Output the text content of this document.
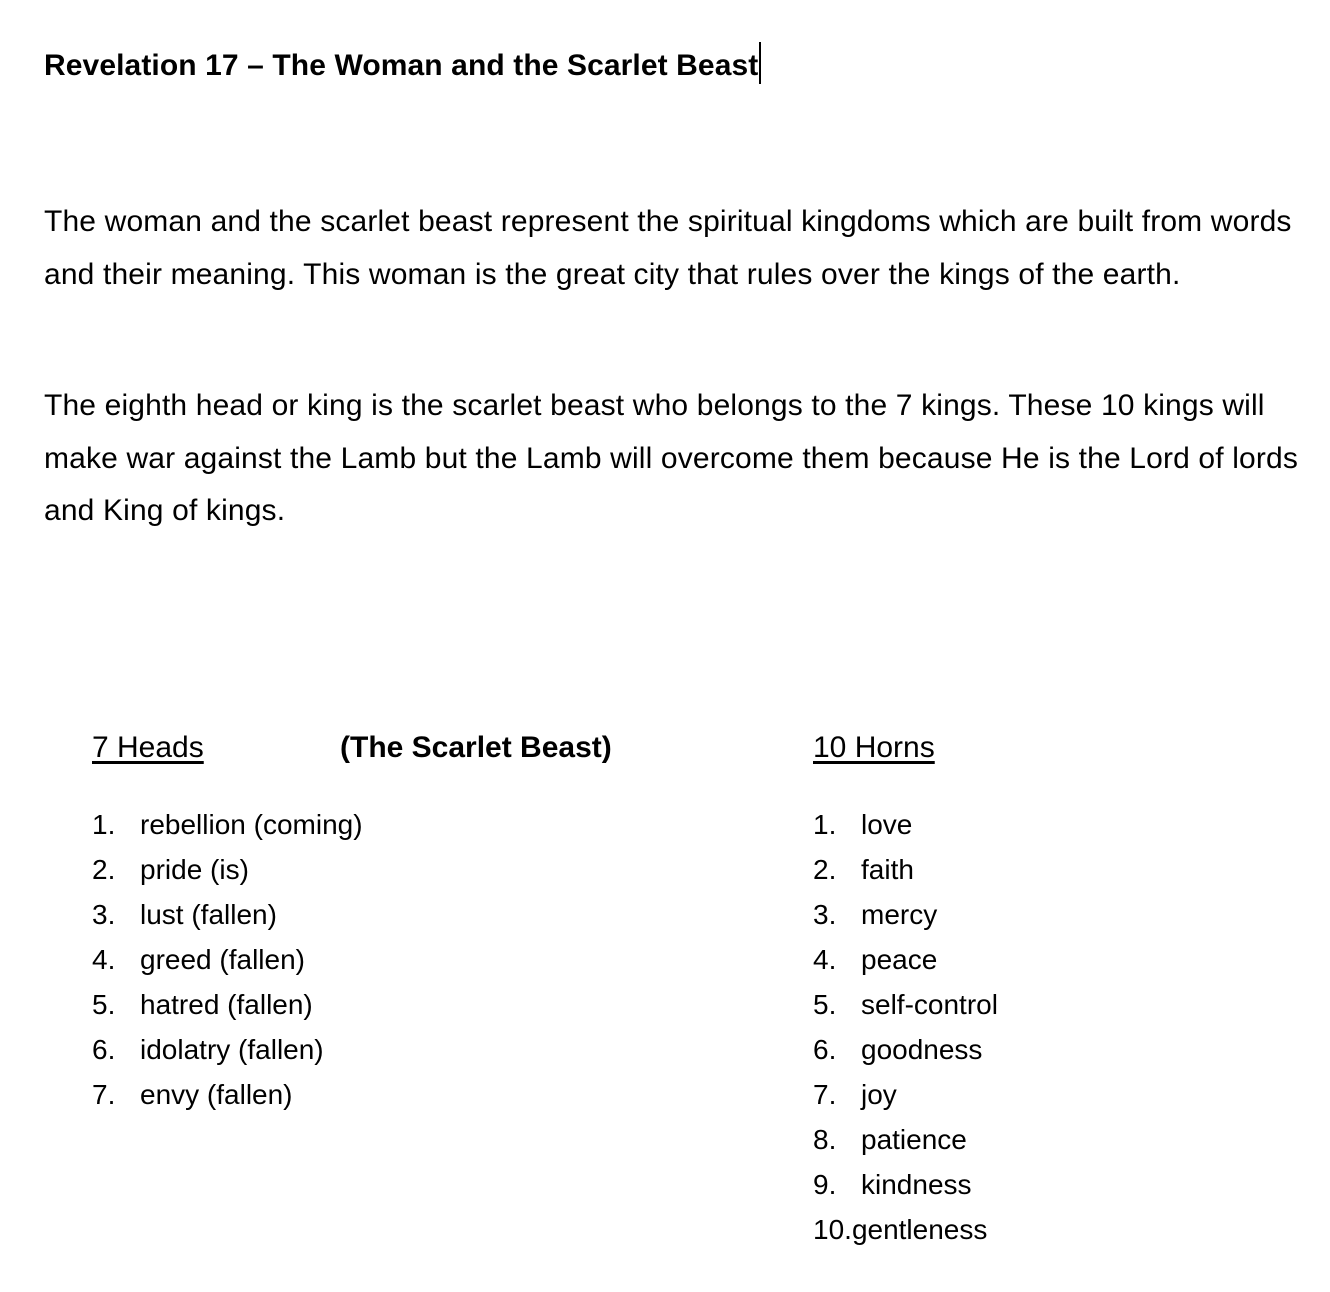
Revelation 17 – The Woman and the Scarlet Beast

The woman and the scarlet beast represent the spiritual kingdoms which are built from words and their meaning. This woman is the great city that rules over the kings of the earth.

The eighth head or king is the scarlet beast who belongs to the 7 kings. These 10 kings will make war against the Lamb but the Lamb will overcome them because He is the Lord of lords and King of kings.

7 Heads	(The Scarlet Beast)	10 Horns
1. rebellion (coming)
2. pride (is)
3. lust (fallen)
4. greed (fallen)
5. hatred (fallen)
6. idolatry (fallen)
7. envy (fallen)
1. love
2. faith
3. mercy
4. peace
5. self-control
6. goodness
7. joy
8. patience
9. kindness
10.gentleness
